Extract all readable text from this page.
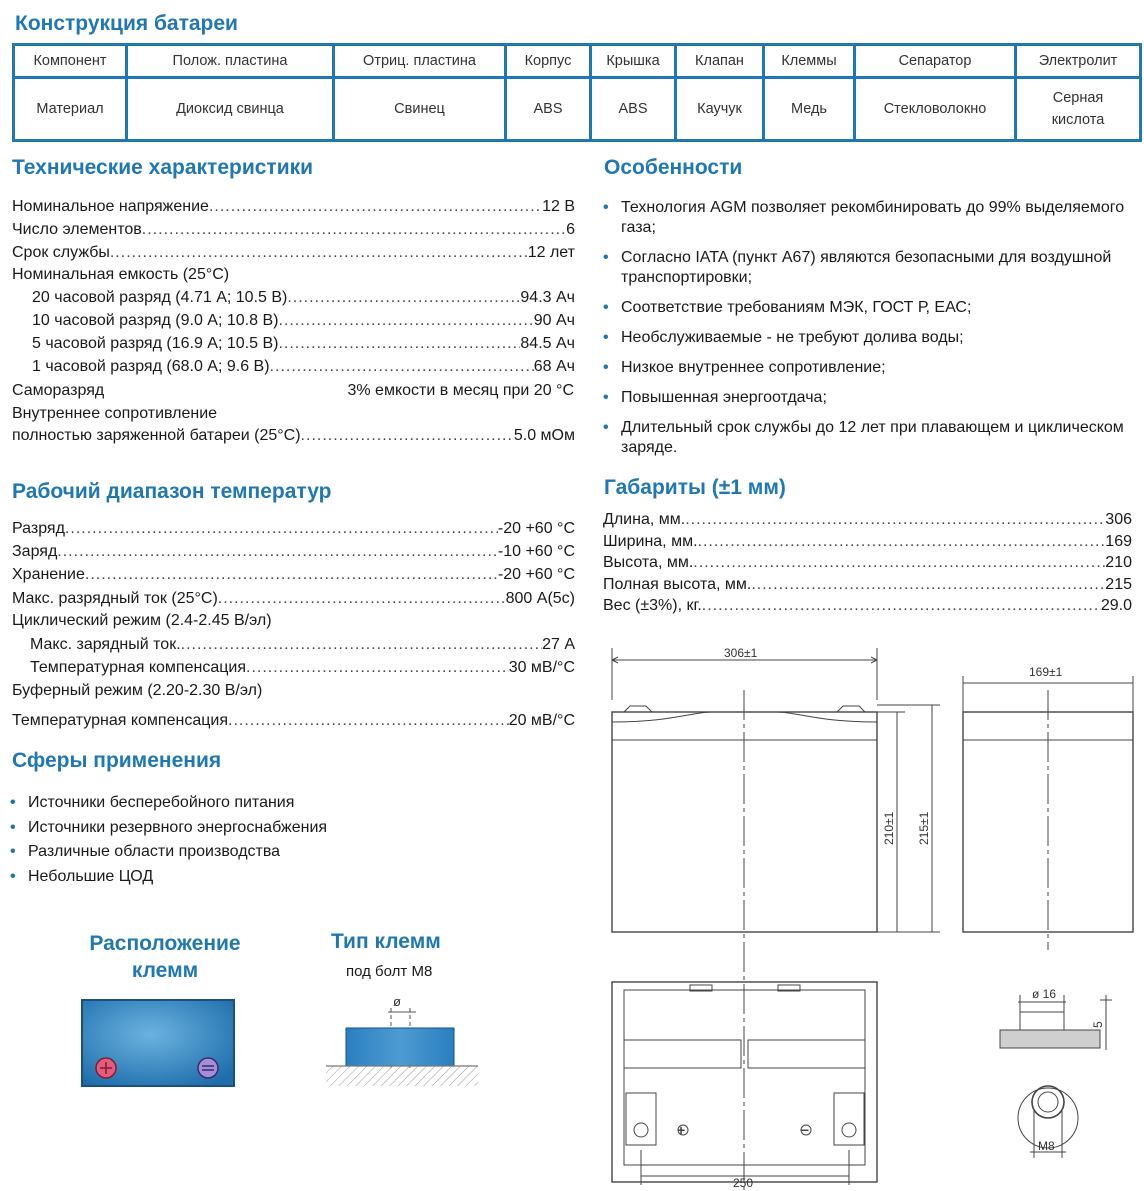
Конструкция батареи
Компонент	Полож. пластина	Отриц. пластина	Корпус	Крышка	Клапан	Клеммы	Сепаратор	Электролит
Материал	Диоксид свинца	Свинец	ABS	ABS	Каучук	Медь	Стекловолокно	Серная кислота
Технические характеристики
Номинальное напряжение .....	12 В
Число элементов .....	6
Срок службы .....	12 лет
Номинальная емкость (25°С)
20 часовой разряд (4.71 А; 10.5 В) .....	94.3 Ач
10 часовой разряд (9.0 А; 10.8 В) .....	90 Ач
5 часовой разряд (16.9 А; 10.5 В) .....	84.5 Ач
1 часовой разряд (68.0 А; 9.6 В) .....	68 Ач
Саморазряд	3% емкости в месяц при 20 °С
Внутреннее сопротивление
полностью заряженной батареи (25°С) .....	5.0 мОм
Рабочий диапазон температур
Разряд .....	-20 +60 °С
Заряд .....	-10 +60 °С
Хранение .....	-20 +60 °С
Макс. разрядный ток (25°С) .....	800 А(5с)
Циклический режим (2.4-2.45 В/эл)
Макс. зарядный ток. .....	27 А
Температурная компенсация .....	30 мВ/°С
Буферный режим (2.20-2.30 В/эл)
Температурная компенсация .....	20 мВ/°С
Сферы применения
• Источники бесперебойного питания
• Источники резервного энергоснабжения
• Различные области производства
• Небольшие ЦОД
Расположение
клемм
Тип клемм
под болт М8
ø
Особенности
• Технология AGM позволяет рекомбинировать до 99% выделяемого газа;
• Согласно IATA (пункт А67) являются безопасными для воздушной транспортировки;
• Соответствие требованиям МЭК, ГОСТ Р, ЕАС;
• Необслуживаемые - не требуют долива воды;
• Низкое внутреннее сопротивление;
• Повышенная энергоотдача;
• Длительный срок службы до 12 лет при плавающем и циклическом заряде.
Габариты (±1 мм)
Длина, мм. .....	306
Ширина, мм. .....	169
Высота, мм. .....	210
Полная высота, мм. .....	215
Вес (±3%), кг. .....	29.0
306±1
169±1
210±1 215±1
250
ø 16
5
М8
+	−
